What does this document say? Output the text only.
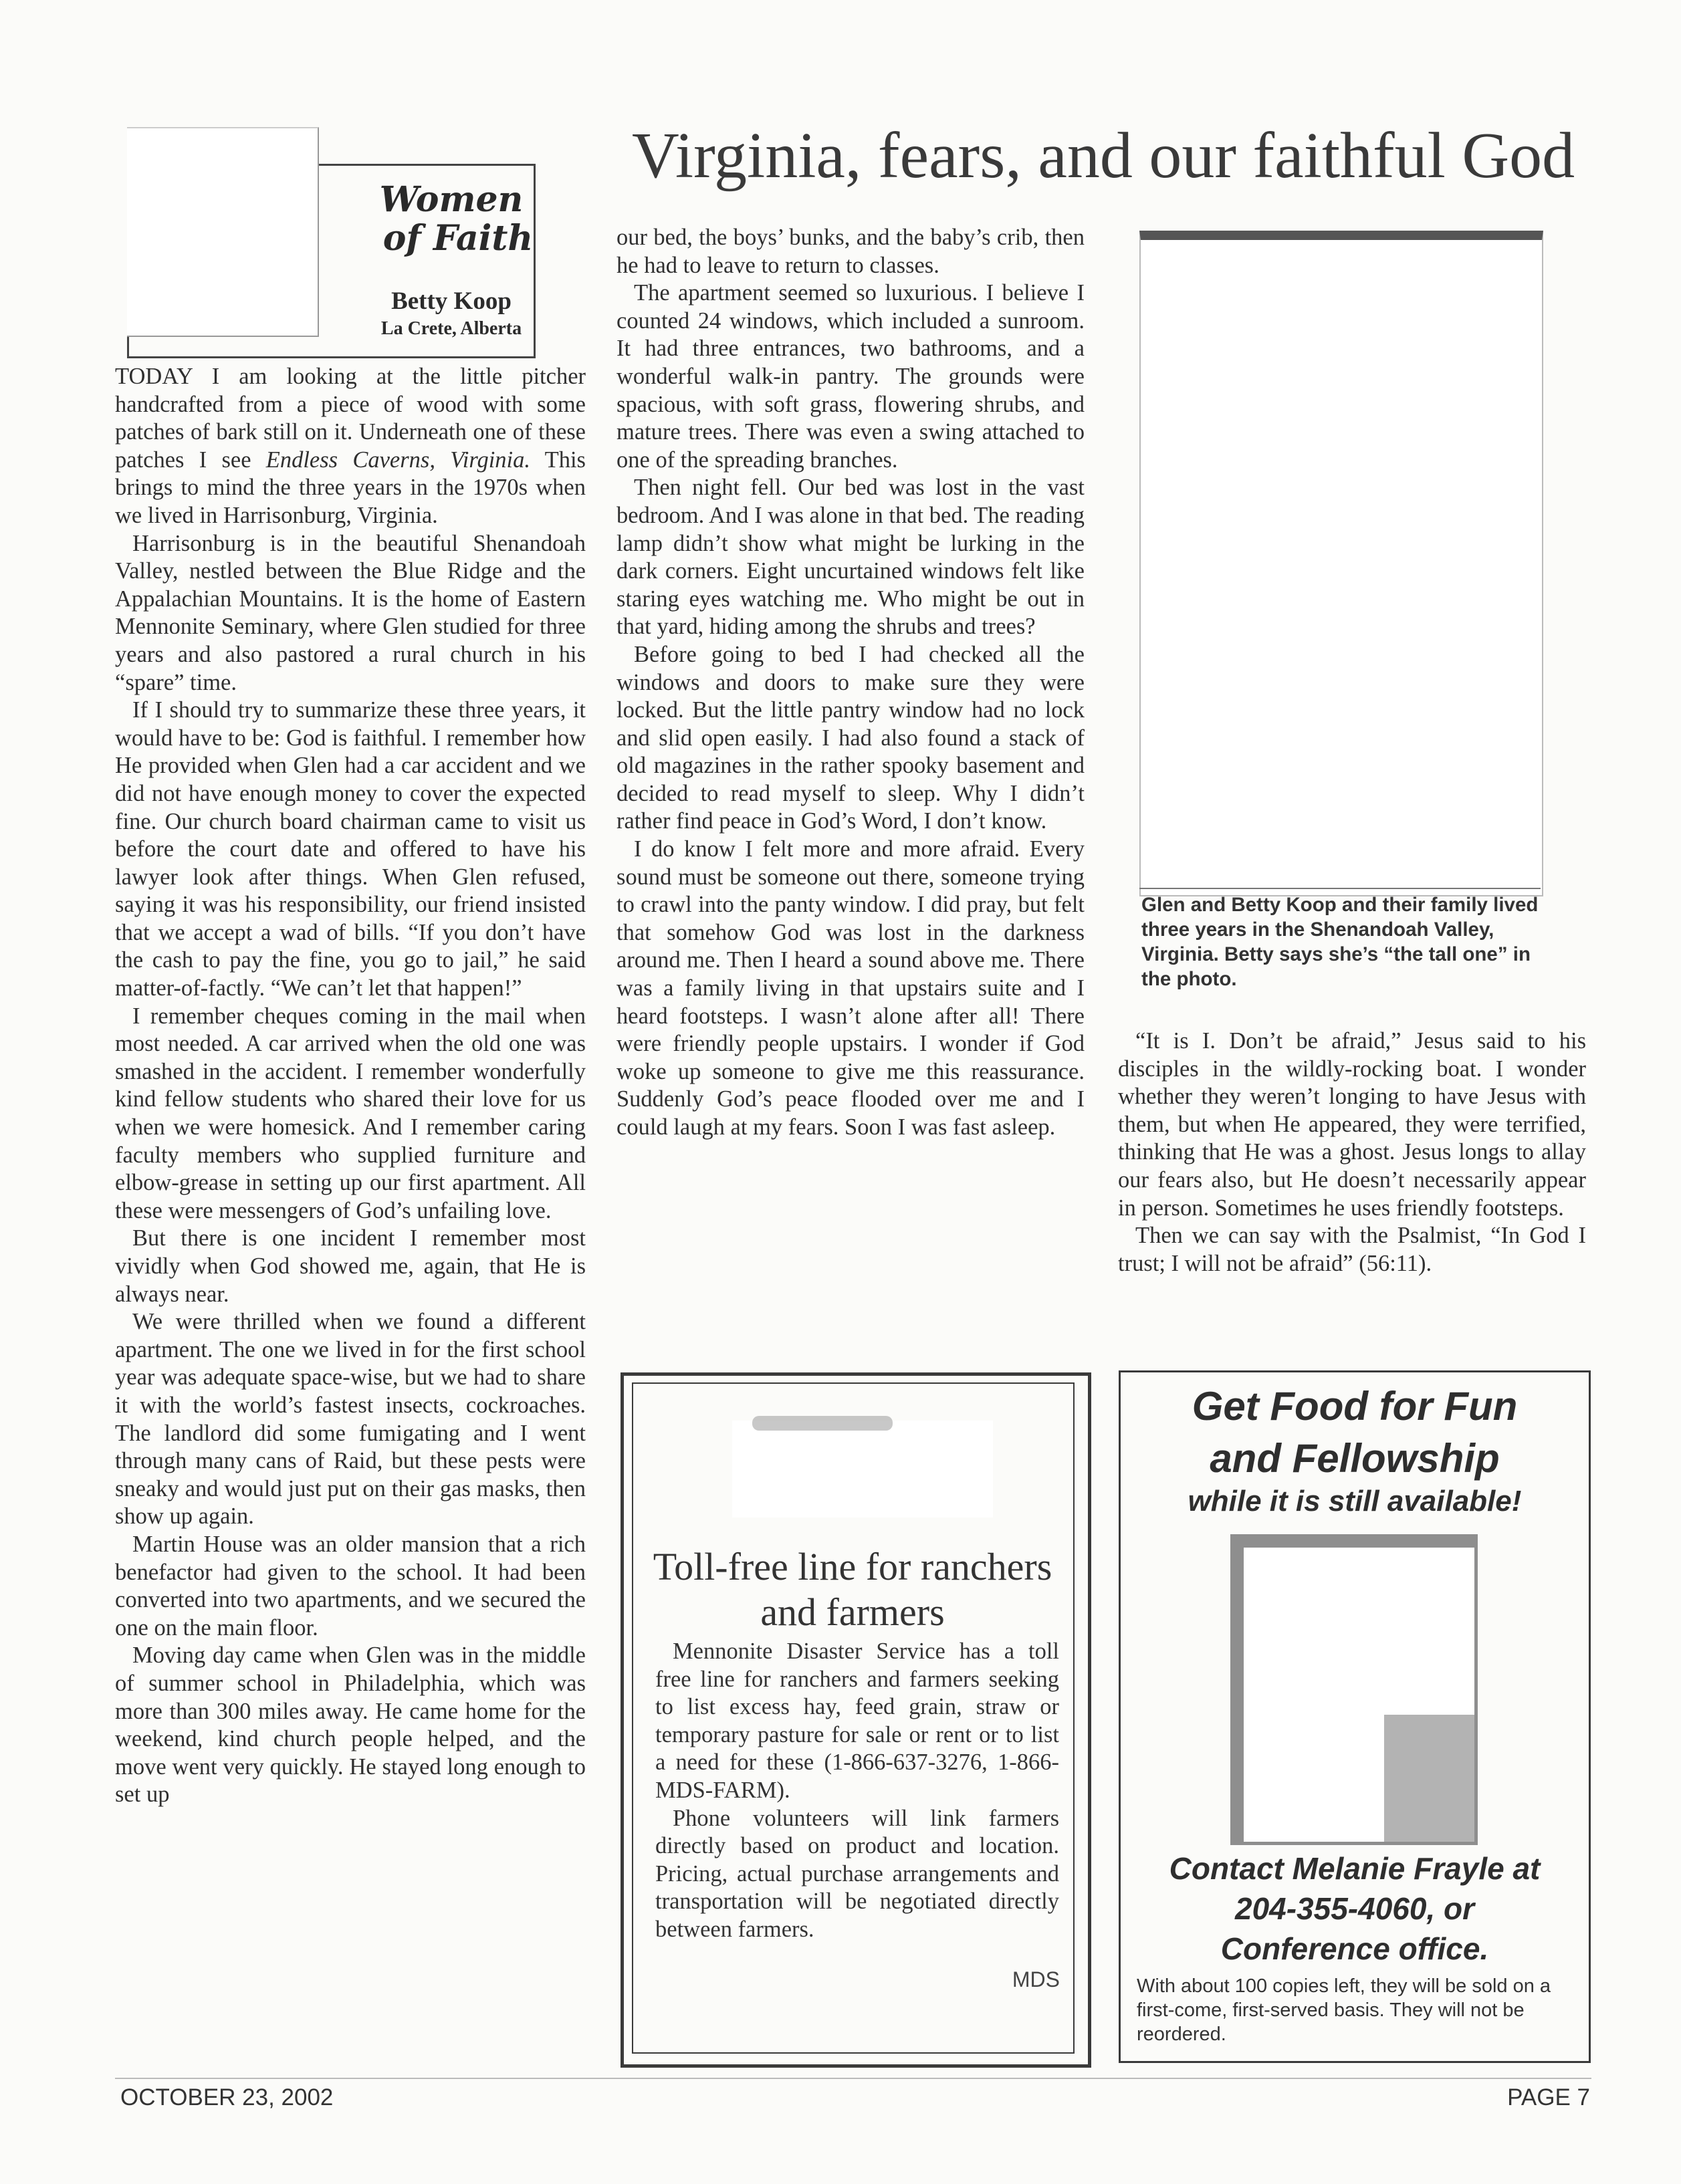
Virginia, fears, and our faithful God
Women
of Faith
Betty Koop
La Crete, Alberta

TODAY I am looking at the little pitcher handcrafted from a piece of wood with some patches of bark still on it. Underneath one of these patches I see Endless Caverns, Virginia. This brings to mind the three years in the 1970s when we lived in Harrisonburg, Virginia.

Harrisonburg is in the beautiful Shenandoah Valley, nestled between the Blue Ridge and the Appalachian Mountains. It is the home of Eastern Mennonite Seminary, where Glen studied for three years and also pastored a rural church in his “spare” time.

If I should try to summarize these three years, it would have to be: God is faithful. I remember how He provided when Glen had a car accident and we did not have enough money to cover the expected fine. Our church board chairman came to visit us before the court date and offered to have his lawyer look after things. When Glen refused, saying it was his responsibility, our friend insisted that we accept a wad of bills. “If you don’t have the cash to pay the fine, you go to jail,” he said matter-of-factly. “We can’t let that happen!”

I remember cheques coming in the mail when most needed. A car arrived when the old one was smashed in the accident. I remember wonderfully kind fellow students who shared their love for us when we were homesick. And I remember caring faculty members who supplied furniture and elbow-grease in setting up our first apartment. All these were messengers of God’s unfailing love.

But there is one incident I remember most vividly when God showed me, again, that He is always near.

We were thrilled when we found a different apartment. The one we lived in for the first school year was adequate space-wise, but we had to share it with the world’s fastest insects, cockroaches. The landlord did some fumigating and I went through many cans of Raid, but these pests were sneaky and would just put on their gas masks, then show up again.

Martin House was an older mansion that a rich benefactor had given to the school. It had been converted into two apartments, and we secured the one on the main floor.

Moving day came when Glen was in the middle of summer school in Philadelphia, which was more than 300 miles away. He came home for the weekend, kind church people helped, and the move went very quickly. He stayed long enough to set up

our bed, the boys’ bunks, and the baby’s crib, then he had to leave to return to classes.

The apartment seemed so luxurious. I believe I counted 24 windows, which included a sunroom. It had three entrances, two bathrooms, and a wonderful walk-in pantry. The grounds were spacious, with soft grass, flowering shrubs, and mature trees. There was even a swing attached to one of the spreading branches.

Then night fell. Our bed was lost in the vast bedroom. And I was alone in that bed. The reading lamp didn’t show what might be lurking in the dark corners. Eight uncurtained windows felt like staring eyes watching me. Who might be out in that yard, hiding among the shrubs and trees?

Before going to bed I had checked all the windows and doors to make sure they were locked. But the little pantry window had no lock and slid open easily. I had also found a stack of old magazines in the rather spooky basement and decided to read myself to sleep. Why I didn’t rather find peace in God’s Word, I don’t know.

I do know I felt more and more afraid. Every sound must be someone out there, someone trying to crawl into the panty window. I did pray, but felt that somehow God was lost in the darkness around me. Then I heard a sound above me. There was a family living in that upstairs suite and I heard footsteps. I wasn’t alone after all! There were friendly people upstairs. I wonder if God woke up someone to give me this reassurance. Suddenly God’s peace flooded over me and I could laugh at my fears. Soon I was fast asleep.

Glen and Betty Koop and their family lived three years in the Shenandoah Valley, Virginia. Betty says she’s “the tall one” in the photo.

“It is I. Don’t be afraid,” Jesus said to his disciples in the wildly-rocking boat. I wonder whether they weren’t longing to have Jesus with them, but when He appeared, they were terrified, thinking that He was a ghost. Jesus longs to allay our fears also, but He doesn’t necessarily appear in person. Sometimes he uses friendly footsteps.

Then we can say with the Psalmist, “In God I trust; I will not be afraid” (56:11).

Toll-free line for ranchers and farmers

Mennonite Disaster Service has a toll free line for ranchers and farmers seeking to list excess hay, feed grain, straw or temporary pasture for sale or rent or to list a need for these (1-866-637-3276, 1-866-MDS-FARM).

Phone volunteers will link farmers directly based on product and location. Pricing, actual purchase arrangements and transportation will be negotiated directly between farmers.

MDS
Get Food for Fun
and Fellowship
while it is still available!
Contact Melanie Frayle at
204-355-4060, or
Conference office.
With about 100 copies left, they will be sold on a first-come, first-served basis. They will not be reordered.
OCTOBER 23, 2002	PAGE 7
